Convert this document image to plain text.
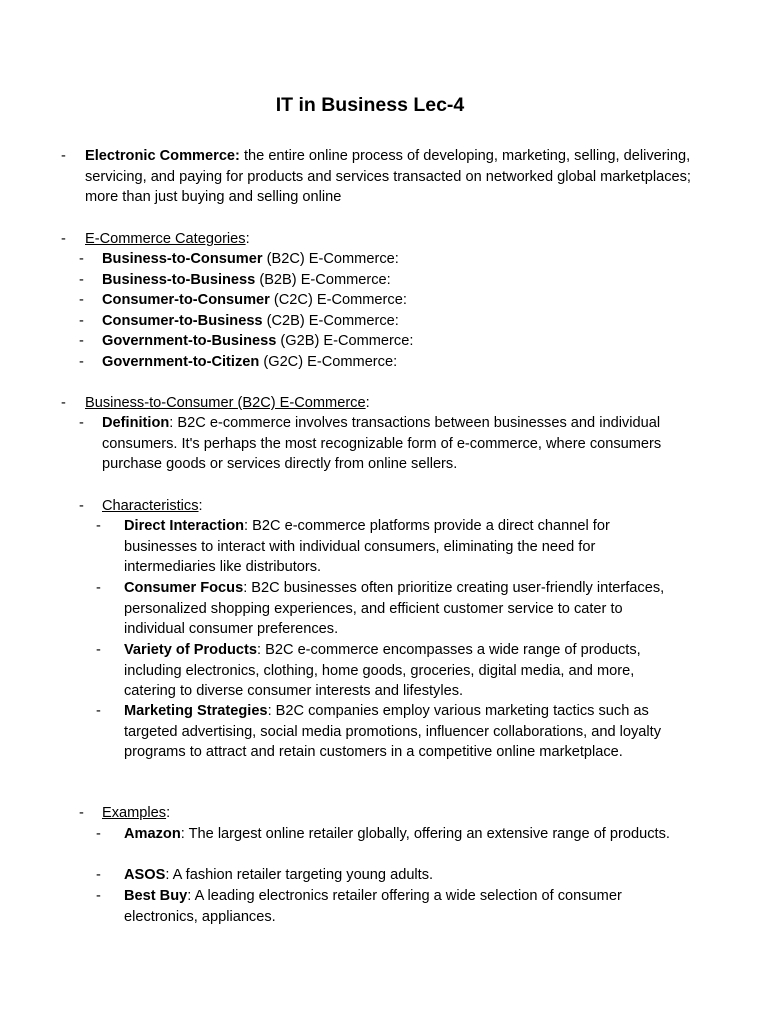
IT in Business Lec-4
- Electronic Commerce: the entire online process of developing, marketing, selling, delivering, servicing, and paying for products and services transacted on networked global marketplaces; more than just buying and selling online
- E-Commerce Categories:
- Business-to-Consumer (B2C) E-Commerce:
- Business-to-Business (B2B) E-Commerce:
- Consumer-to-Consumer (C2C) E-Commerce:
- Consumer-to-Business (C2B) E-Commerce:
- Government-to-Business (G2B) E-Commerce:
- Government-to-Citizen (G2C) E-Commerce:
- Business-to-Consumer (B2C) E-Commerce:
- Definition: B2C e-commerce involves transactions between businesses and individual consumers. It's perhaps the most recognizable form of e-commerce, where consumers purchase goods or services directly from online sellers.
- Characteristics:
- Direct Interaction: B2C e-commerce platforms provide a direct channel for businesses to interact with individual consumers, eliminating the need for intermediaries like distributors.
- Consumer Focus: B2C businesses often prioritize creating user-friendly interfaces, personalized shopping experiences, and efficient customer service to cater to individual consumer preferences.
- Variety of Products: B2C e-commerce encompasses a wide range of products, including electronics, clothing, home goods, groceries, digital media, and more, catering to diverse consumer interests and lifestyles.
- Marketing Strategies: B2C companies employ various marketing tactics such as targeted advertising, social media promotions, influencer collaborations, and loyalty programs to attract and retain customers in a competitive online marketplace.
- Examples:
- Amazon: The largest online retailer globally, offering an extensive range of products.
- ASOS: A fashion retailer targeting young adults.
- Best Buy: A leading electronics retailer offering a wide selection of consumer electronics, appliances.
